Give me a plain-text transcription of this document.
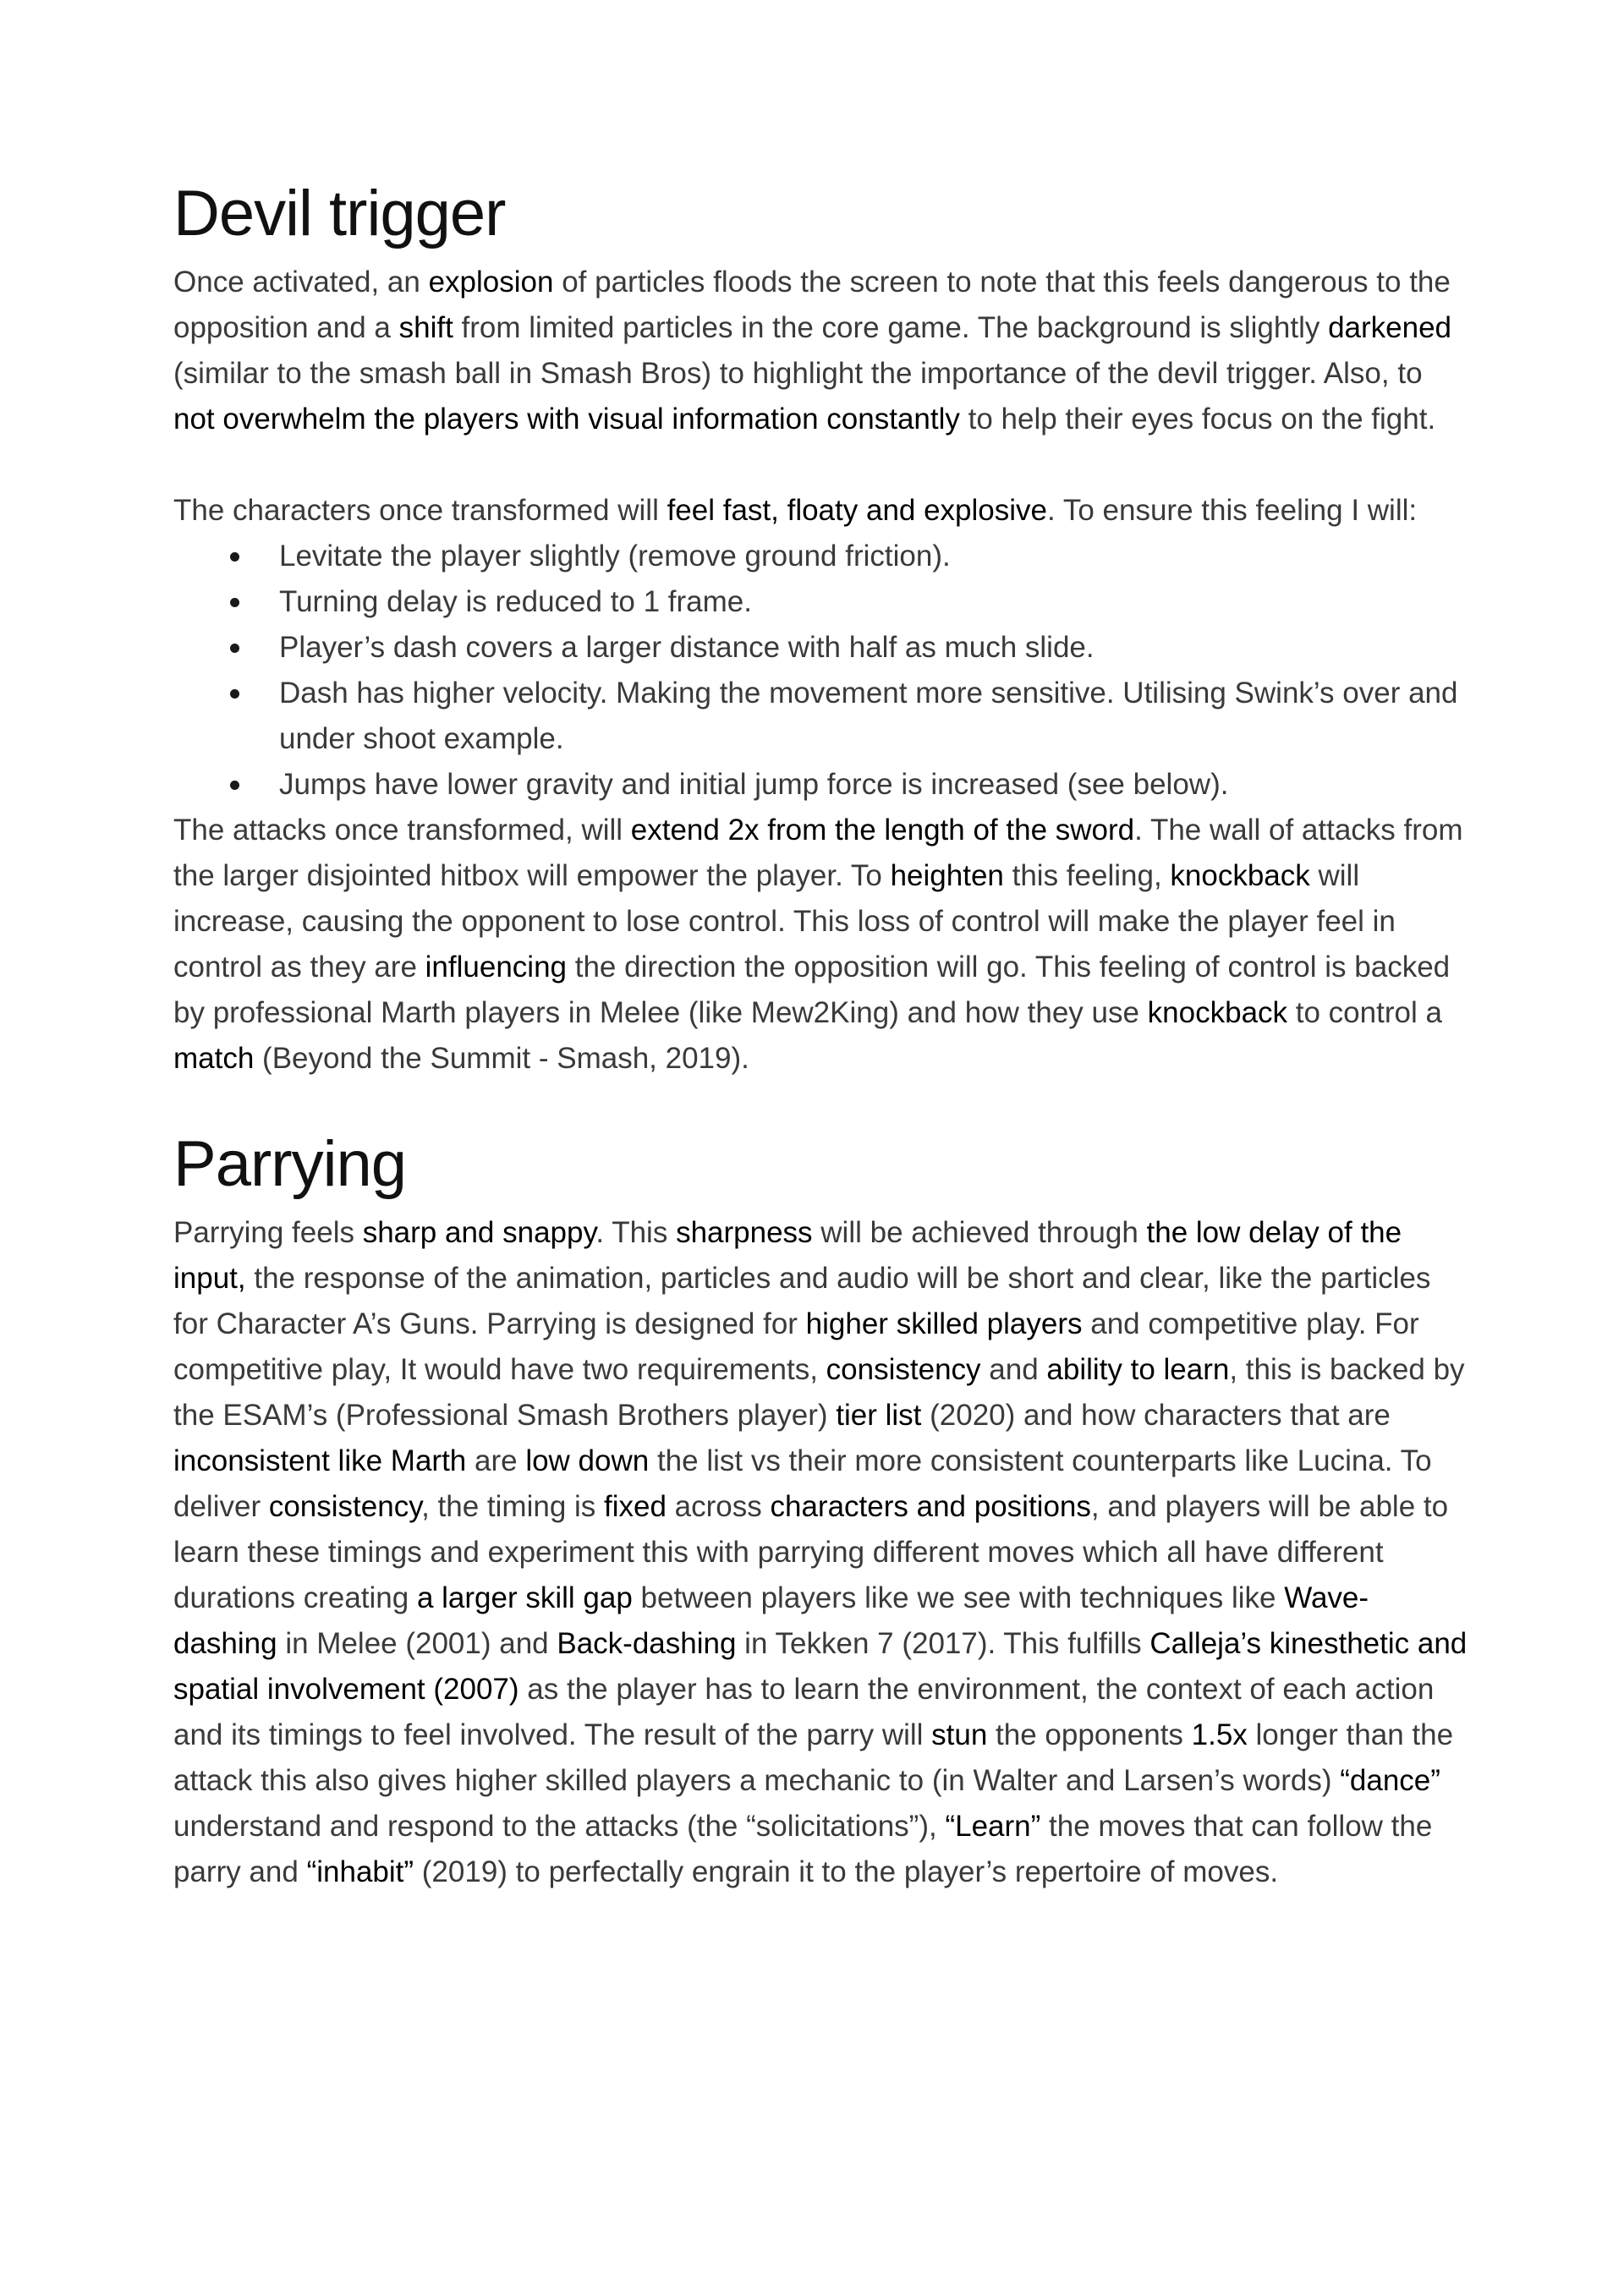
Devil trigger

Once activated, an explosion of particles floods the screen to note that this feels dangerous to the opposition and a shift from limited particles in the core game. The background is slightly darkened (similar to the smash ball in Smash Bros) to highlight the importance of the devil trigger. Also, to not overwhelm the players with visual information constantly to help their eyes focus on the fight.

The characters once transformed will feel fast, floaty and explosive. To ensure this feeling I will:

Levitate the player slightly (remove ground friction).
Turning delay is reduced to 1 frame.
Player’s dash covers a larger distance with half as much slide.
Dash has higher velocity. Making the movement more sensitive. Utilising Swink’s over and under shoot example.
Jumps have lower gravity and initial jump force is increased (see below).

The attacks once transformed, will extend 2x from the length of the sword. The wall of attacks from the larger disjointed hitbox will empower the player. To heighten this feeling, knockback will increase, causing the opponent to lose control. This loss of control will make the player feel in control as they are influencing the direction the opposition will go. This feeling of control is backed by professional Marth players in Melee (like Mew2King) and how they use knockback to control a match (Beyond the Summit - Smash, 2019).

Parrying

Parrying feels sharp and snappy. This sharpness will be achieved through the low delay of the input, the response of the animation, particles and audio will be short and clear, like the particles for Character A’s Guns. Parrying is designed for higher skilled players and competitive play. For competitive play, It would have two requirements, consistency and ability to learn, this is backed by the ESAM’s (Professional Smash Brothers player) tier list (2020) and how characters that are inconsistent like Marth are low down the list vs their more consistent counterparts like Lucina. To deliver consistency, the timing is fixed across characters and positions, and players will be able to learn these timings and experiment this with parrying different moves which all have different durations creating a larger skill gap between players like we see with techniques like Wave-dashing in Melee (2001) and Back-dashing in Tekken 7 (2017). This fulfills Calleja’s kinesthetic and spatial involvement (2007) as the player has to learn the environment, the context of each action and its timings to feel involved. The result of the parry will stun the opponents 1.5x longer than the attack this also gives higher skilled players a mechanic to (in Walter and Larsen’s words) “dance” understand and respond to the attacks (the “solicitations”), “Learn” the moves that can follow the parry and “inhabit” (2019) to perfectally engrain it to the player’s repertoire of moves.
